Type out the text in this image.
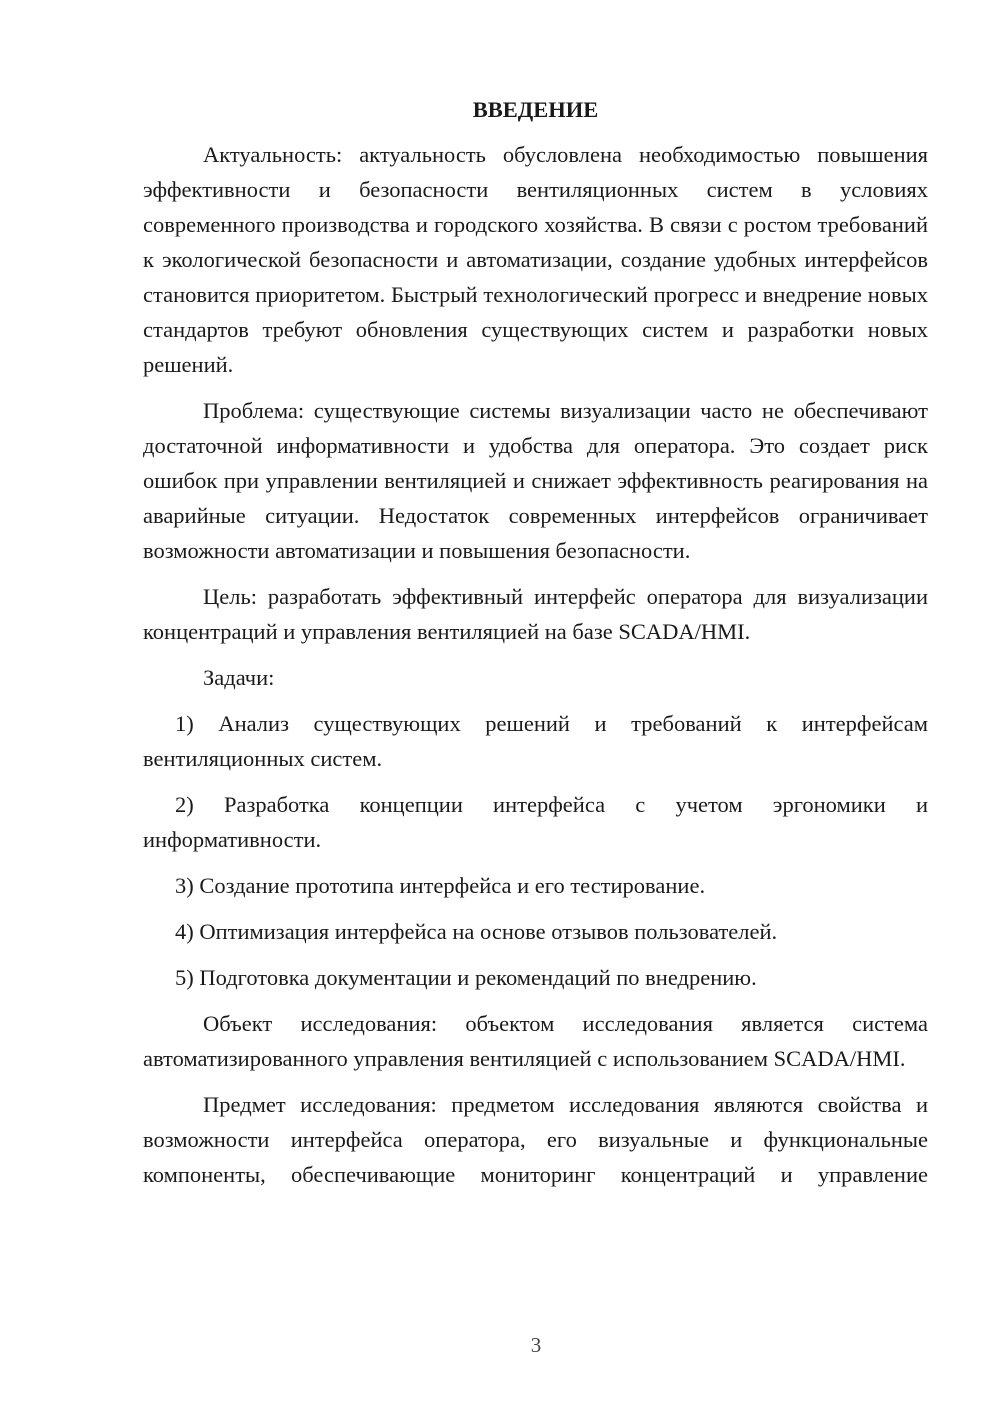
ВВЕДЕНИЕ

Актуальность: актуальность обусловлена необходимостью повышения эффективности и безопасности вентиляционных систем в условиях современного производства и городского хозяйства. В связи с ростом требований к экологической безопасности и автоматизации, создание удобных интерфейсов становится приоритетом. Быстрый технологический прогресс и внедрение новых стандартов требуют обновления существующих систем и разработки новых решений.

Проблема: существующие системы визуализации часто не обеспечивают достаточной информативности и удобства для оператора. Это создает риск ошибок при управлении вентиляцией и снижает эффективность реагирования на аварийные ситуации. Недостаток современных интерфейсов ограничивает возможности автоматизации и повышения безопасности.

Цель: разработать эффективный интерфейс оператора для визуализации концентраций и управления вентиляцией на базе SCADA/HMI.

Задачи:

1) Анализ существующих решений и требований к интерфейсам вентиляционных систем.

2) Разработка концепции интерфейса с учетом эргономики и информативности.

3) Создание прототипа интерфейса и его тестирование.

4) Оптимизация интерфейса на основе отзывов пользователей.

5) Подготовка документации и рекомендаций по внедрению.

Объект исследования: объектом исследования является система автоматизированного управления вентиляцией с использованием SCADA/HMI.

Предмет исследования: предметом исследования являются свойства и возможности интерфейса оператора, его визуальные и функциональные компоненты, обеспечивающие мониторинг концентраций и управление

3
